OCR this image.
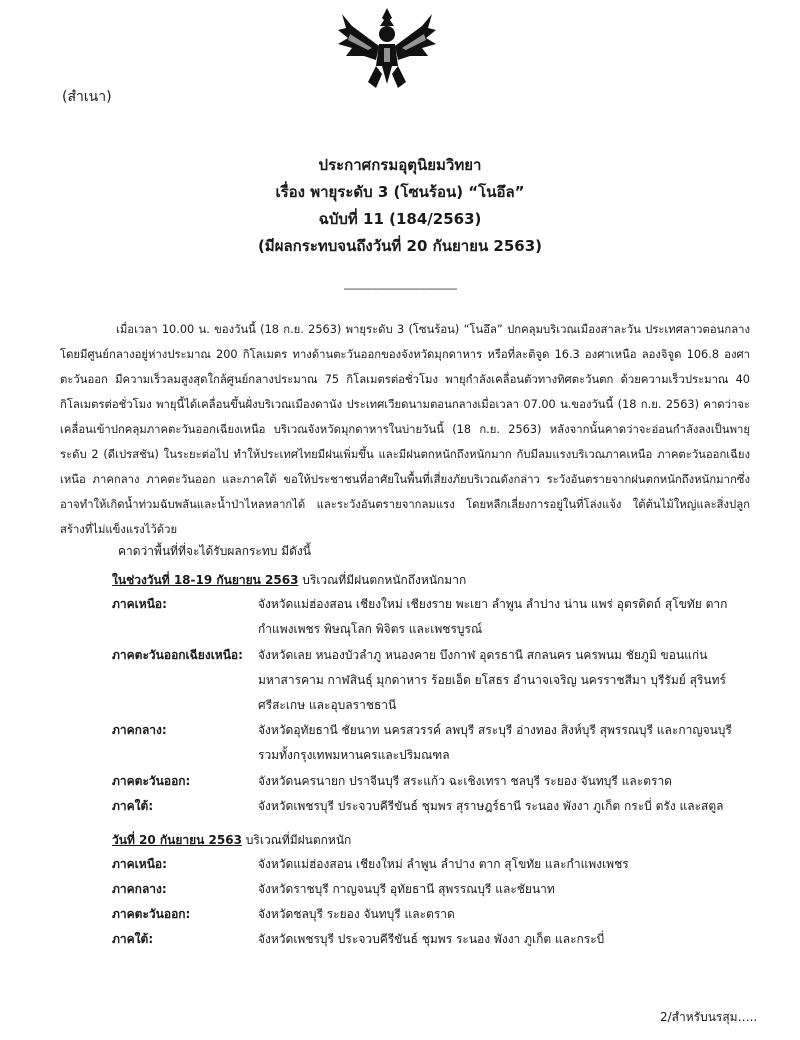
(สำเนา)
ประกาศกรมอุตุนิยมวิทยา
เรื่อง พายุระดับ 3 (โซนร้อน) “โนอึล”
ฉบับที่ 11 (184/2563)
(มีผลกระทบจนถึงวันที่ 20 กันยายน 2563)
--------------------------------------
เมื่อเวลา 10.00 น. ของวันนี้ (18 ก.ย. 2563) พายุระดับ 3 (โซนร้อน) “โนอึล” ปกคลุมบริเวณเมืองสาละวัน ประเทศลาวตอนกลาง โดยมีศูนย์กลางอยู่ห่างประมาณ 200 กิโลเมตร ทางด้านตะวันออกของจังหวัดมุกดาหาร หรือที่ละติจูด 16.3 องศาเหนือ ลองจิจูด 106.8 องศาตะวันออก มีความเร็วลมสูงสุดใกล้ศูนย์กลางประมาณ 75 กิโลเมตรต่อชั่วโมง พายุกำลังเคลื่อนตัวทางทิศตะวันตก ด้วยความเร็วประมาณ 40 กิโลเมตรต่อชั่วโมง พายุนี้ได้เคลื่อนขึ้นฝั่งบริเวณเมืองดานัง ประเทศเวียดนามตอนกลางเมื่อเวลา 07.00 น.ของวันนี้ (18 ก.ย. 2563) คาดว่าจะเคลื่อนเข้าปกคลุมภาคตะวันออกเฉียงเหนือ บริเวณจังหวัดมุกดาหารในบ่ายวันนี้ (18 ก.ย. 2563) หลังจากนั้นคาดว่าจะอ่อนกำลังลงเป็นพายุระดับ 2 (ดีเปรสชัน) ในระยะต่อไป ทำให้ประเทศไทยมีฝนเพิ่มขึ้น และมีฝนตกหนักถึงหนักมาก กับมีลมแรงบริเวณภาคเหนือ ภาคตะวันออกเฉียงเหนือ ภาคกลาง ภาคตะวันออก และภาคใต้ ขอให้ประชาชนที่อาศัยในพื้นที่เสี่ยงภัยบริเวณดังกล่าว ระวังอันตรายจากฝนตกหนักถึงหนักมากซึ่งอาจทำให้เกิดน้ำท่วมฉับพลันและน้ำป่าไหลหลากได้ และระวังอันตรายจากลมแรง โดยหลีกเลี่ยงการอยู่ในที่โล่งแจ้ง ใต้ต้นไม้ใหญ่และสิ่งปลูกสร้างที่ไม่แข็งแรงไว้ด้วย
คาดว่าพื้นที่ที่จะได้รับผลกระทบ มีดังนี้
ในช่วงวันที่ 18-19 กันยายน 2563 บริเวณที่มีฝนตกหนักถึงหนักมาก
ภาคเหนือ:	จังหวัดแม่ฮ่องสอน เชียงใหม่ เชียงราย พะเยา ลำพูน ลำปาง น่าน แพร่ อุตรดิตถ์ สุโขทัย ตาก
กำแพงเพชร พิษณุโลก พิจิตร และเพชรบูรณ์
ภาคตะวันออกเฉียงเหนือ:	จังหวัดเลย หนองบัวลำภู หนองคาย บึงกาฬ อุดรธานี สกลนคร นครพนม ชัยภูมิ ขอนแก่น
มหาสารคาม กาฬสินธุ์ มุกดาหาร ร้อยเอ็ด ยโสธร อำนาจเจริญ นครราชสีมา บุรีรัมย์ สุรินทร์
ศรีสะเกษ และอุบลราชธานี
ภาคกลาง:	จังหวัดอุทัยธานี ชัยนาท นครสวรรค์ ลพบุรี สระบุรี อ่างทอง สิงห์บุรี สุพรรณบุรี และกาญจนบุรี
รวมทั้งกรุงเทพมหานครและปริมณฑล
ภาคตะวันออก:	จังหวัดนครนายก ปราจีนบุรี สระแก้ว ฉะเชิงเทรา ชลบุรี ระยอง จันทบุรี และตราด
ภาคใต้:	จังหวัดเพชรบุรี ประจวบคีรีขันธ์ ชุมพร สุราษฎร์ธานี ระนอง พังงา ภูเก็ต กระบี่ ตรัง และสตูล
วันที่ 20 กันยายน 2563 บริเวณที่มีฝนตกหนัก
ภาคเหนือ:	จังหวัดแม่ฮ่องสอน เชียงใหม่ ลำพูน ลำปาง ตาก สุโขทัย และกำแพงเพชร
ภาคกลาง:	จังหวัดราชบุรี กาญจนบุรี อุทัยธานี สุพรรณบุรี และชัยนาท
ภาคตะวันออก:	จังหวัดชลบุรี ระยอง จันทบุรี และตราด
ภาคใต้:	จังหวัดเพชรบุรี ประจวบคีรีขันธ์ ชุมพร ระนอง พังงา ภูเก็ต และกระบี่
2/สำหรับนรสุม…..
